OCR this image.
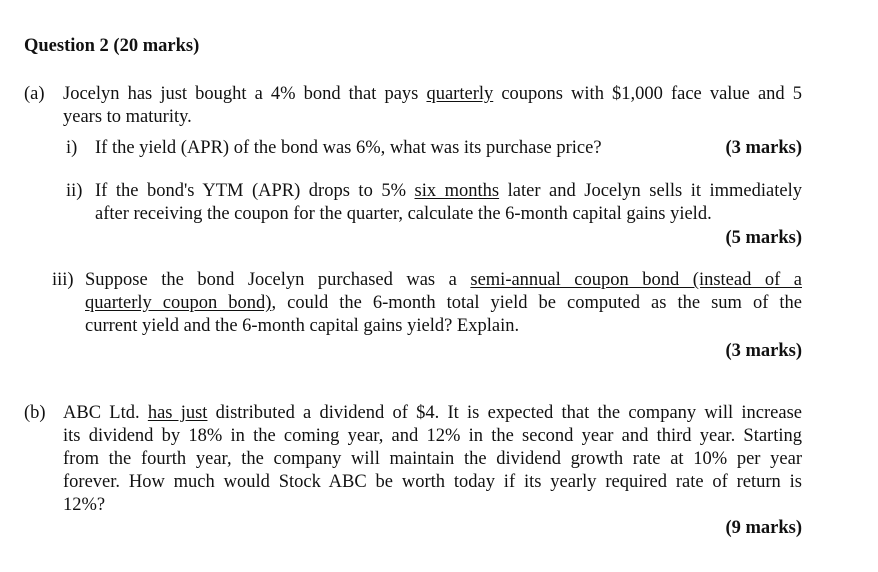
Question 2 (20 marks)
(a) Jocelyn has just bought a 4% bond that pays quarterly coupons with $1,000 face value and 5
years to maturity.
i) If the yield (APR) of the bond was 6%, what was its purchase price?	(3 marks)
ii) If the bond's YTM (APR) drops to 5% six months later and Jocelyn sells it immediately
after receiving the coupon for the quarter, calculate the 6-month capital gains yield.
(5 marks)
iii) Suppose the bond Jocelyn purchased was a semi-annual coupon bond (instead of a
quarterly coupon bond), could the 6-month total yield be computed as the sum of the
current yield and the 6-month capital gains yield? Explain.
(3 marks)
(b) ABC Ltd. has just distributed a dividend of $4. It is expected that the company will increase
its dividend by 18% in the coming year, and 12% in the second year and third year. Starting
from the fourth year, the company will maintain the dividend growth rate at 10% per year
forever. How much would Stock ABC be worth today if its yearly required rate of return is
12%?
(9 marks)
